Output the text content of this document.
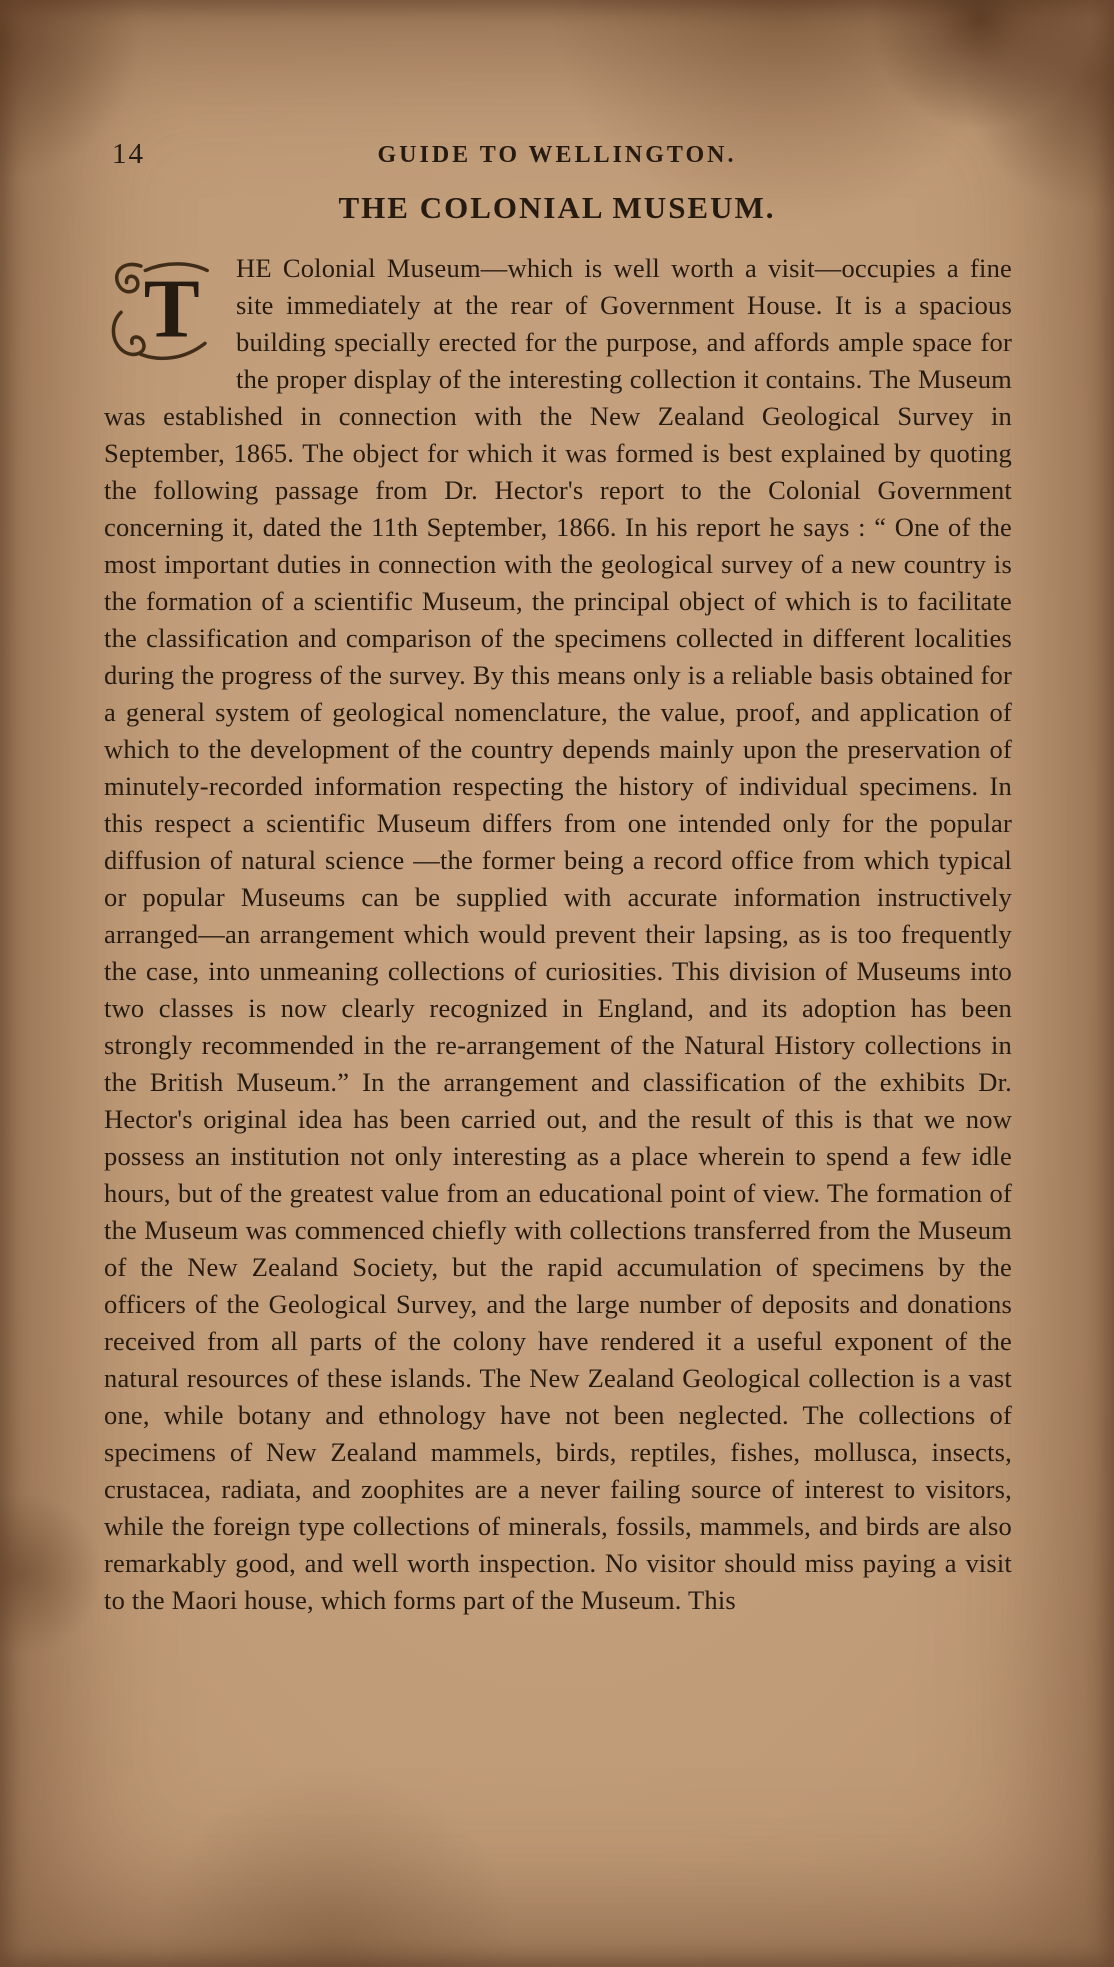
14	GUIDE TO WELLINGTON.
THE COLONIAL MUSEUM.
T HE Colonial Museum—which is well worth a visit—occupies a fine site immediately at the rear of Government House. It is a spacious building specially erected for the purpose, and affords ample space for the proper display of the interesting collection it contains. The Museum was established in connection with the New Zealand Geological Survey in September, 1865. The object for which it was formed is best explained by quoting the following passage from Dr. Hector's report to the Colonial Government concerning it, dated the 11th September, 1866. In his report he says : “ One of the most important duties in connection with the geological survey of a new country is the formation of a scientific Museum, the principal object of which is to facilitate the classification and comparison of the specimens collected in different localities during the progress of the survey. By this means only is a reliable basis obtained for a general system of geological nomenclature, the value, proof, and application of which to the development of the country depends mainly upon the preservation of minutely-recorded information respecting the history of individual specimens. In this respect a scientific Museum differs from one intended only for the popular diffusion of natural science —the former being a record office from which typical or popular Museums can be supplied with accurate information instructively arranged—an arrangement which would prevent their lapsing, as is too frequently the case, into unmeaning collections of curiosities. This division of Museums into two classes is now clearly recognized in England, and its adoption has been strongly recommended in the re-arrangement of the Natural History collections in the British Museum.” In the arrangement and classification of the exhibits Dr. Hector's original idea has been carried out, and the result of this is that we now possess an institution not only interesting as a place wherein to spend a few idle hours, but of the greatest value from an educational point of view. The formation of the Museum was commenced chiefly with collections transferred from the Museum of the New Zealand Society, but the rapid accumulation of specimens by the officers of the Geological Survey, and the large number of deposits and donations received from all parts of the colony have rendered it a useful exponent of the natural resources of these islands. The New Zealand Geological collection is a vast one, while botany and ethnology have not been neglected. The collections of specimens of New Zealand mammels, birds, reptiles, fishes, mollusca, insects, crustacea, radiata, and zoophites are a never failing source of interest to visitors, while the foreign type collections of minerals, fossils, mammels, and birds are also remarkably good, and well worth inspection. No visitor should miss paying a visit to the Maori house, which forms part of the Museum. This
